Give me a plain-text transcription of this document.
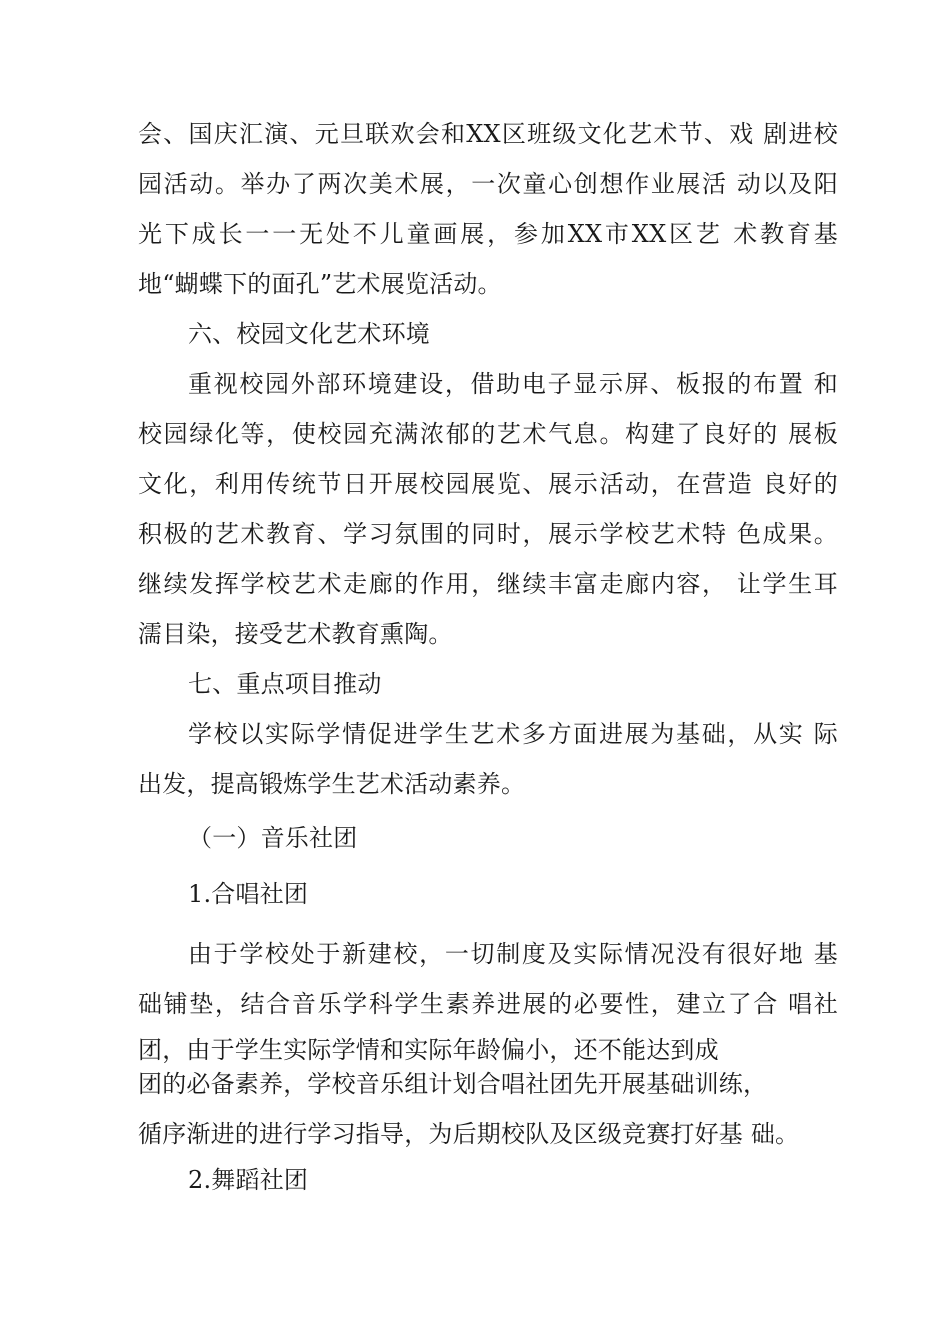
会、国庆汇演、元旦联欢会和XX区班级文化艺术节、戏 剧进校
园活动。举办了两次美术展，一次童心创想作业展活 动以及阳
光下成长一一无处不儿童画展，参加XX市XX区艺 术教育基
地“蝴蝶下的面孔”艺术展览活动。
六、校园文化艺术环境
重视校园外部环境建设，借助电子显示屏、板报的布置 和
校园绿化等，使校园充满浓郁的艺术气息。构建了良好的 展板
文化，利用传统节日开展校园展览、展示活动，在营造 良好的
积极的艺术教育、学习氛围的同时，展示学校艺术特 色成果。
继续发挥学校艺术走廊的作用，继续丰富走廊内容， 让学生耳
濡目染，接受艺术教育熏陶。
七、重点项目推动
学校以实际学情促进学生艺术多方面进展为基础，从实 际
出发，提高锻炼学生艺术活动素养。
（一）音乐社团
1.合唱社团
由于学校处于新建校，一切制度及实际情况没有很好地 基
础铺垫，结合音乐学科学生素养进展的必要性，建立了合 唱社
团，由于学生实际学情和实际年龄偏小，还不能达到成
团的必备素养，学校音乐组计划合唱社团先开展基础训练，
循序渐进的进行学习指导，为后期校队及区级竞赛打好基 础。
2.舞蹈社团
